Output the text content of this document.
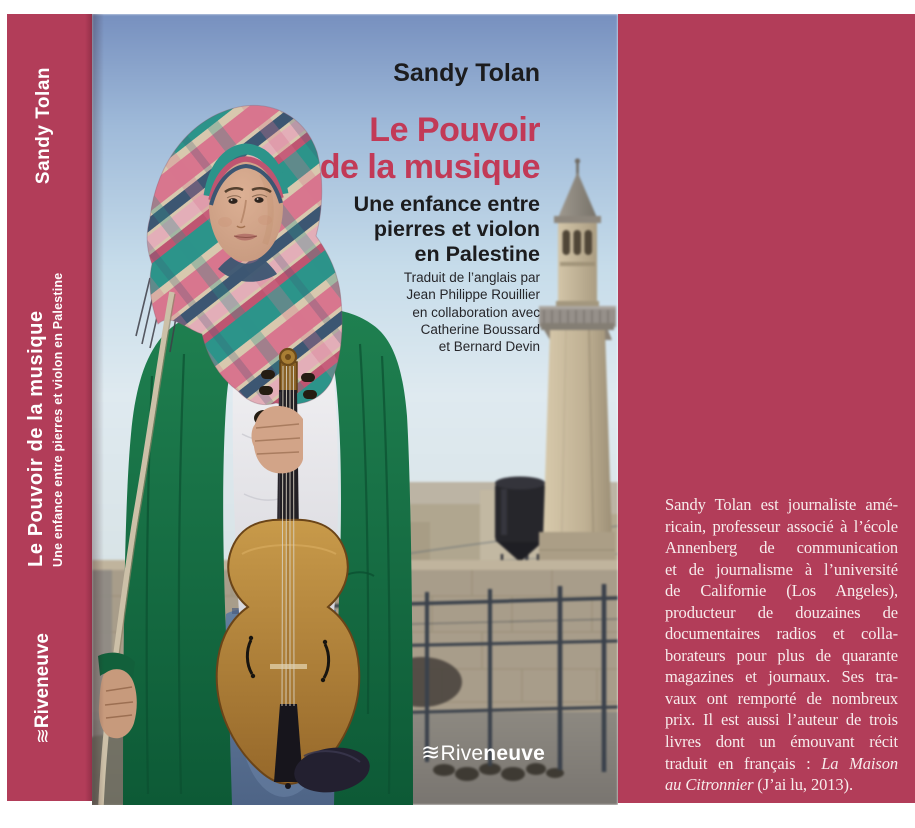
Sandy Tolan
Le Pouvoir de la musique Une enfance entre pierres et violon en Palestine
≋Riveneuve
Sandy Tolan
Le Pouvoir
de la musique
Une enfance entre
pierres et violon
en Palestine
Traduit de l’anglais par
Jean Philippe Rouillier
en collaboration avec
Catherine Boussard
et Bernard Devin
≋Riveneuve
Sandy Tolan est journaliste amé-
ricain, professeur associé à l’école
Annenberg de communication
et de journalisme à l’université
de Californie (Los Angeles),
producteur de douzaines de
documentaires radios et colla-
borateurs pour plus de quarante
magazines et journaux. Ses tra-
vaux ont remporté de nombreux
prix. Il est aussi l’auteur de trois
livres dont un émouvant récit
traduit en français : La Maison
au Citronnier (J’ai lu, 2013).
